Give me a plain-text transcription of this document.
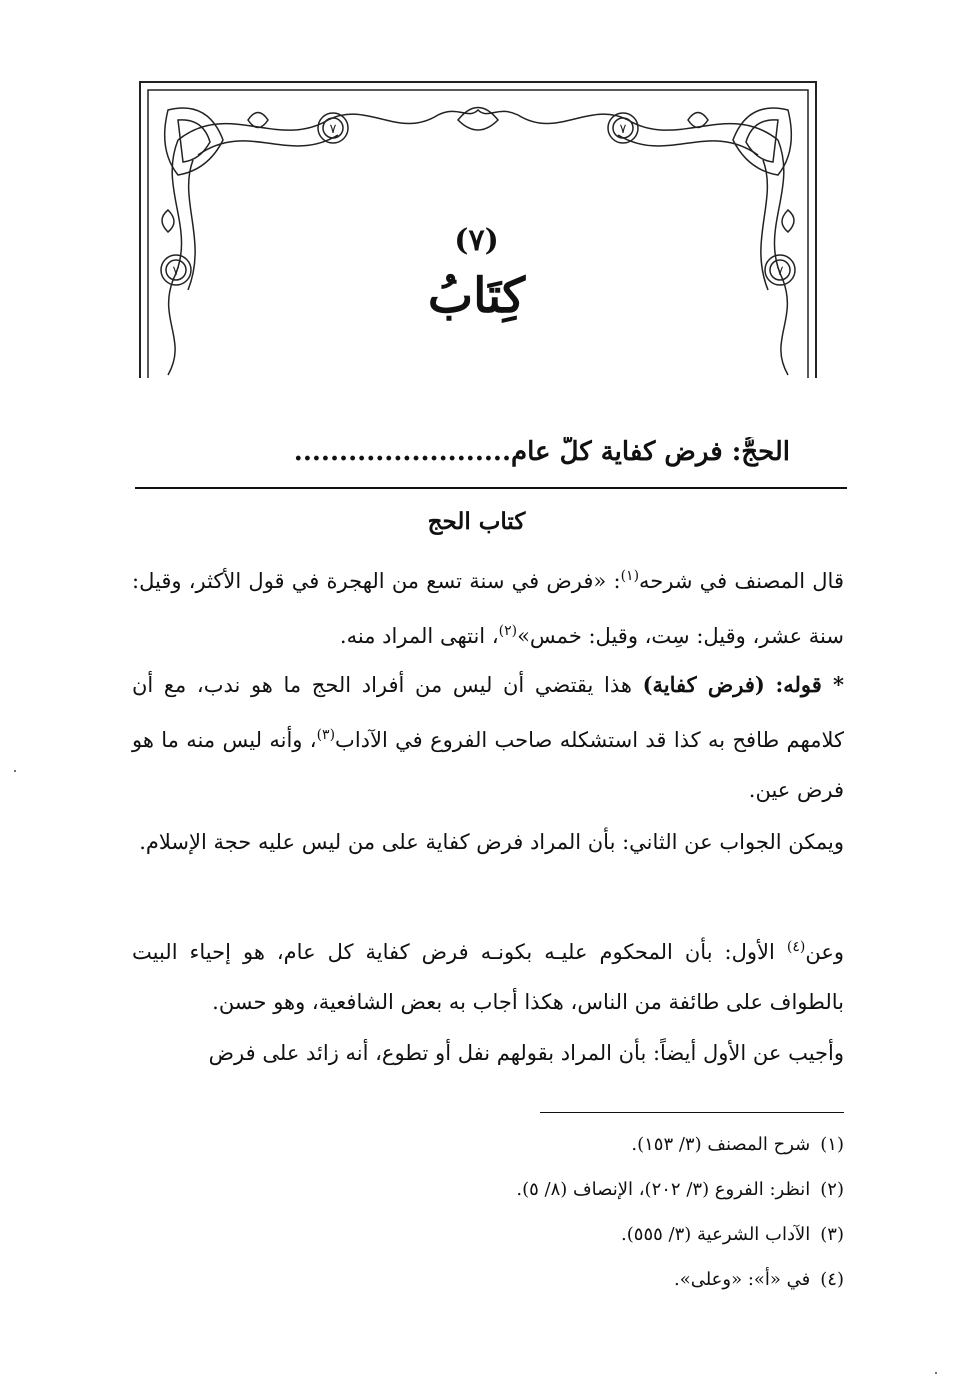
٧	٧
٧	٧
(٧)
كِتَابُ
الحجُّ: فرض كفاية كلَّ عام........................
كتاب الحج

قال المصنف في شرحه$^{(١)}$: «فرض في سنة تسع من الهجرة في قول الأكثر، وقيل: سنة عشر، وقيل: سِت، وقيل: خمس»$^{(٢)}$، انتهى المراد منه.

* قوله: (فرض كفاية) هذا يقتضي أن ليس من أفراد الحج ما هو ندب، مع أن كلامهم طافح به كذا قد استشكله صاحب الفروع في الآداب$^{(٣)}$، وأنه ليس منه ما هو فرض عين.

ويمكن الجواب عن الثاني: بأن المراد فرض كفاية على من ليس عليه حجة الإسلام.

وعن$^{(٤)}$ الأول: بأن المحكوم عليـه بكونـه فرض كفاية كل عام، هو إحياء البيت بالطواف على طائفة من الناس، هكذا أجاب به بعض الشافعية، وهو حسن.

وأجيب عن الأول أيضاً: بأن المراد بقولهم نفل أو تطوع، أنه زائد على فرض

(١)شرح المصنف (٣/ ١٥٣).
(٢)انظر: الفروع (٣/ ٢٠٢)، الإنصاف (٨/ ٥).
(٣)الآداب الشرعية (٣/ ٥٥٥).
(٤)في «أ»: «وعلى».
